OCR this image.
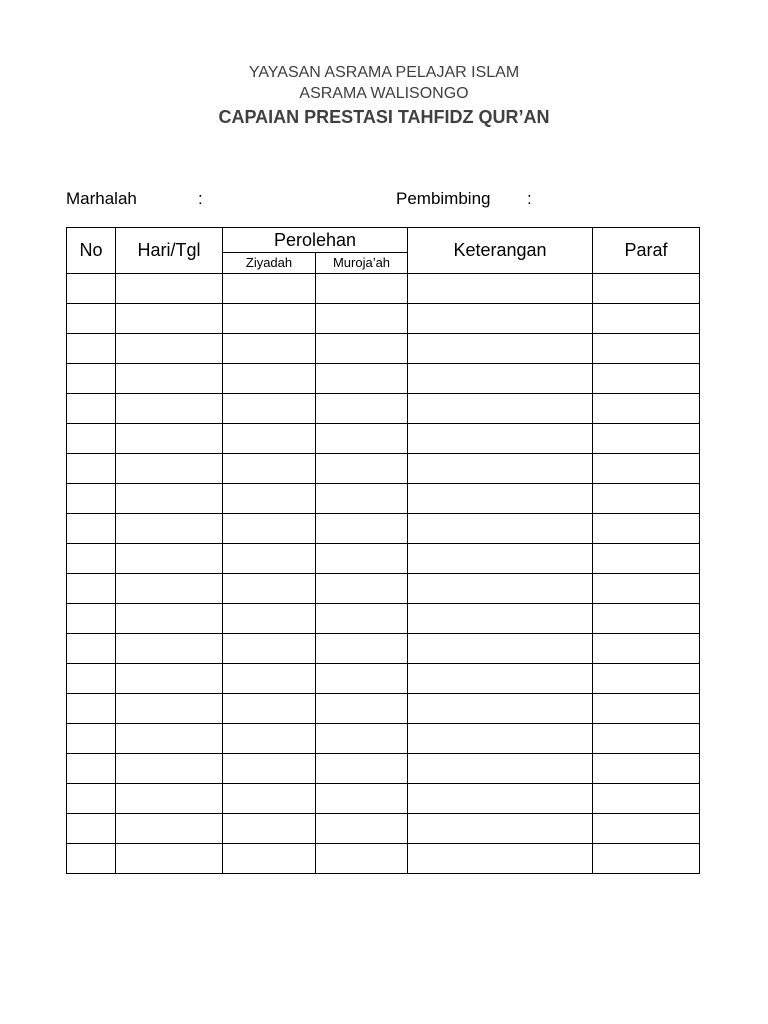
YAYASAN ASRAMA PELAJAR ISLAM
ASRAMA WALISONGO
CAPAIAN PRESTASI TAHFIDZ QUR’AN
Marhalah	:	Pembimbing :
No	Hari/Tgl	Perolehan		Keterangan	Paraf
		Ziyadah	Muroja’ah		
